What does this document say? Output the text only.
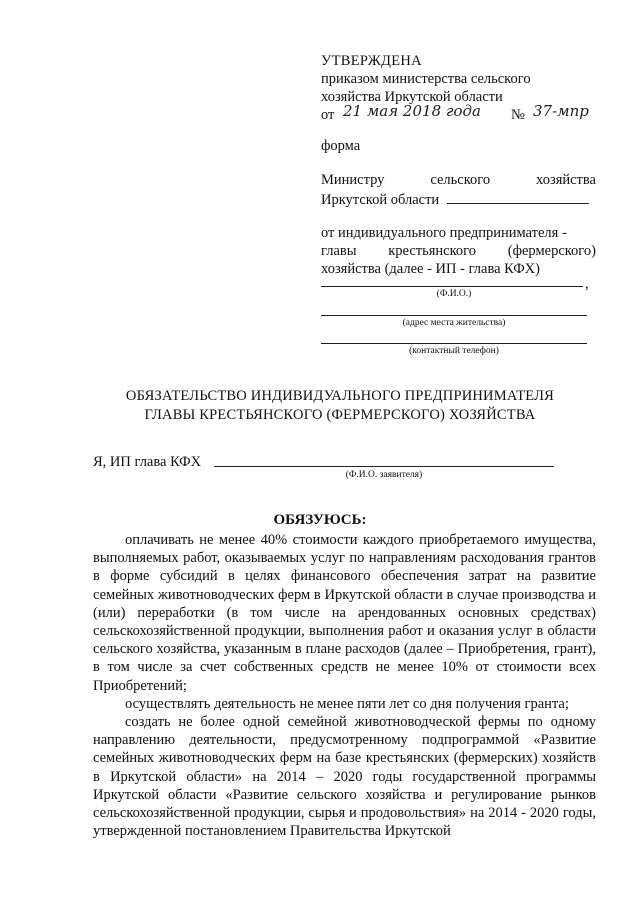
УТВЕРЖДЕНА
приказом министерства сельского
хозяйства Иркутской области
от 21 мая 2018 года № 37-мпр
форма
Министру	сельского	хозяйства
Иркутской области
от индивидуального предпринимателя -
главы крестьянского (фермерского)
хозяйства (далее - ИП - глава КФХ)
,
(Ф.И.О.)
(адрес места жительства)
(контактный телефон)
ОБЯЗАТЕЛЬСТВО ИНДИВИДУАЛЬНОГО ПРЕДПРИНИМАТЕЛЯ
ГЛАВЫ КРЕСТЬЯНСКОГО (ФЕРМЕРСКОГО) ХОЗЯЙСТВА
Я, ИП глава КФХ
(Ф.И.О. заявителя)
ОБЯЗУЮСЬ:

оплачивать не менее 40% стоимости каждого приобретаемого имущества, выполняемых работ, оказываемых услуг по направлениям расходования грантов в форме субсидий в целях финансового обеспечения затрат на развитие семейных животноводческих ферм в Иркутской области в случае производства и (или) переработки (в том числе на арендованных основных средствах) сельскохозяйственной продукции, выполнения работ и оказания услуг в области сельского хозяйства, указанным в плане расходов (далее – Приобретения, грант), в том числе за счет собственных средств не менее 10% от стоимости всех Приобретений;

осуществлять деятельность не менее пяти лет со дня получения гранта;

создать не более одной семейной животноводческой фермы по одному направлению деятельности, предусмотренному подпрограммой «Развитие семейных животноводческих ферм на базе крестьянских (фермерских) хозяйств в Иркутской области» на 2014 – 2020 годы государственной программы Иркутской области «Развитие сельского хозяйства и регулирование рынков сельскохозяйственной продукции, сырья и продовольствия» на 2014 - 2020 годы, утвержденной постановлением Правительства Иркутской
